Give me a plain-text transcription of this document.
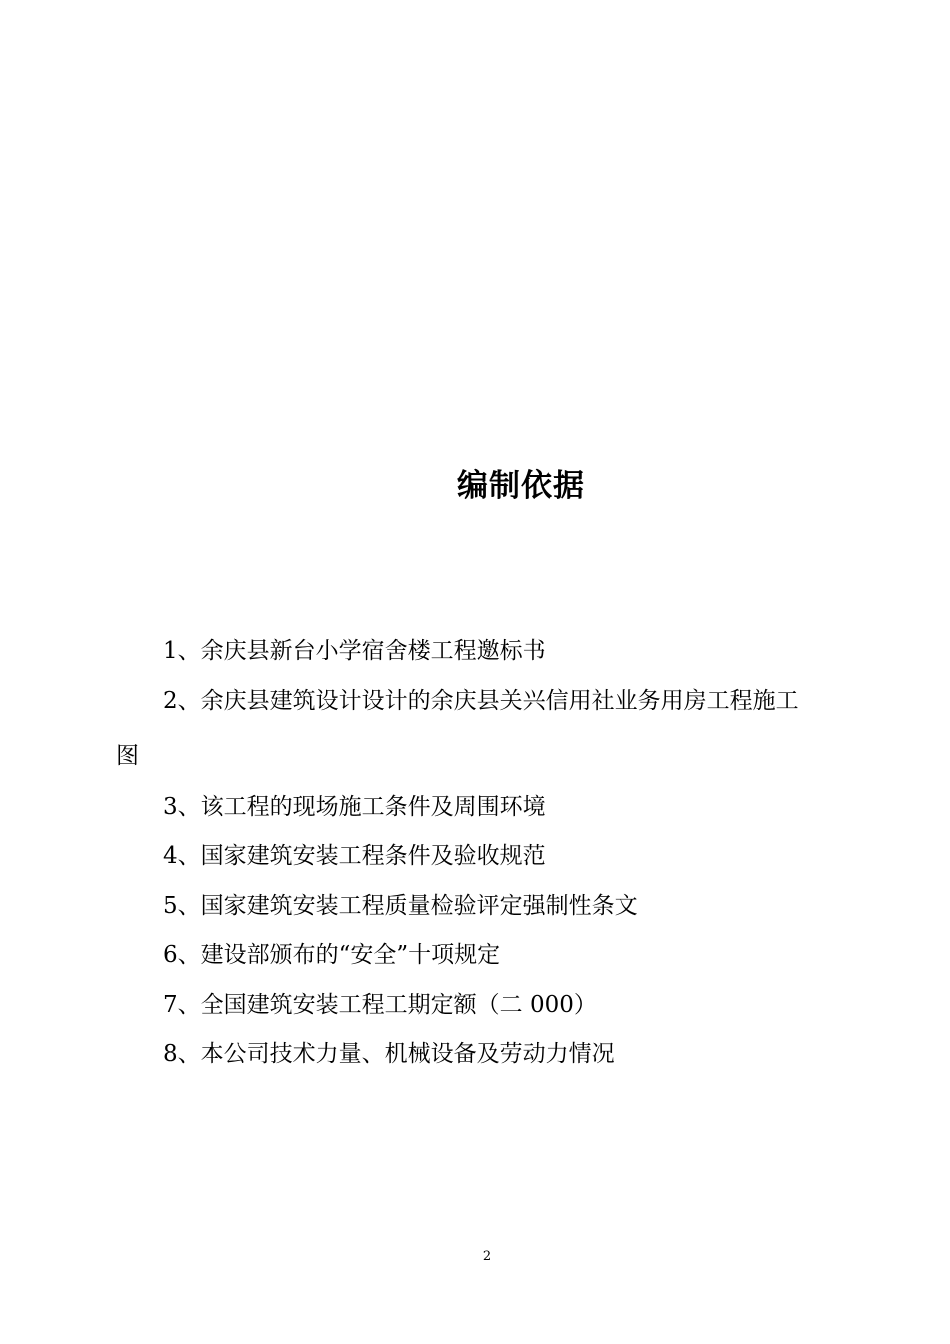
编制依据
1、余庆县新台小学宿舍楼工程邀标书
2、余庆县建筑设计设计的余庆县关兴信用社业务用房工程施工
图
3、该工程的现场施工条件及周围环境
4、国家建筑安装工程条件及验收规范
5、国家建筑安装工程质量检验评定强制性条文
6、建设部颁布的“安全”十项规定
7、全国建筑安装工程工期定额（二 000）
8、本公司技术力量、机械设备及劳动力情况
2
